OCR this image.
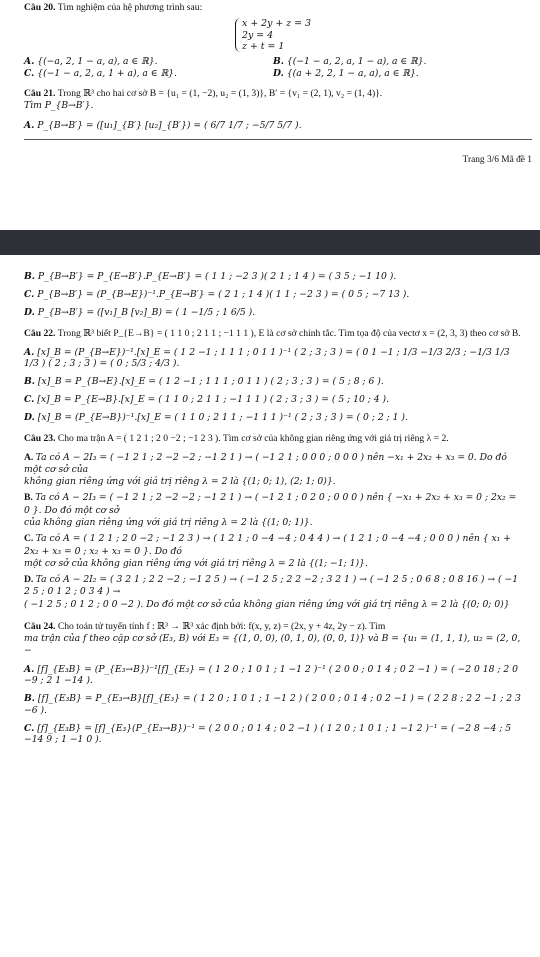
Câu 20. Tìm nghiệm của hệ phương trình sau:

x + 2y + z = 3
2y = 4
z + t = 1
A. {(−a, 2, 1 − a, a), a ∈ ℝ}.	B. {(−1 − a, 2, a, 1 − a), a ∈ ℝ}.
C. {(−1 − a, 2, a, 1 + a), a ∈ ℝ}.	D. {(a + 2, 2, 1 − a, a), a ∈ ℝ}.

Câu 21. Trong ℝ³ cho hai cơ sở B = {u₁ = (1, −2), u₂ = (1, 3)}, B′ = {v₁ = (2, 1), v₂ = (1, 4)}.

Tìm P_{B→B′}.

A. P_{B→B′} = ([u₁]_{B′} [u₂]_{B′}) = ( 6/7 1/7 ; −5/7 5/7 ).
Trang 3/6 Mã đề 1
B. P_{B→B′} = P_{E→B′}.P_{E→B′} = ( 1 1 ; −2 3 )( 2 1 ; 1 4 ) = ( 3 5 ; −1 10 ).
C. P_{B→B′} = (P_{B→E})⁻¹.P_{E→B′} = ( 2 1 ; 1 4 )( 1 1 ; −2 3 ) = ( 0 5 ; −7 13 ).
D. P_{B→B′} = ([v₁]_B [v₂]_B) = ( 1 −1/5 ; 1 6/5 ).

Câu 22. Trong ℝ³ biết P_{E→B} = ( 1 1 0 ; 2 1 1 ; −1 1 1 ), E là cơ sở chính tắc. Tìm tọa độ của vectơ x = (2, 3, 3) theo cơ sở B.

A. [x]_B = (P_{B→E})⁻¹.[x]_E = ( 1 2 −1 ; 1 1 1 ; 0 1 1 )⁻¹ ( 2 ; 3 ; 3 ) = ( 0 1 −1 ; 1/3 −1/3 2/3 ; −1/3 1/3 1/3 ) ( 2 ; 3 ; 3 ) = ( 0 ; 5/3 ; 4/3 ).
B. [x]_B = P_{B→E}.[x]_E = ( 1 2 −1 ; 1 1 1 ; 0 1 1 ) ( 2 ; 3 ; 3 ) = ( 5 ; 8 ; 6 ).
C. [x]_B = P_{E→B}.[x]_E = ( 1 1 0 ; 2 1 1 ; −1 1 1 ) ( 2 ; 3 ; 3 ) = ( 5 ; 10 ; 4 ).
D. [x]_B = (P_{E→B})⁻¹.[x]_E = ( 1 1 0 ; 2 1 1 ; −1 1 1 )⁻¹ ( 2 ; 3 ; 3 ) = ( 0 ; 2 ; 1 ).

Câu 23. Cho ma trận A = ( 1 2 1 ; 2 0 −2 ; −1 2 3 ). Tìm cơ sở của không gian riêng ứng với giá trị riêng λ = 2.

A. Ta có A − 2I₃ = ( −1 2 1 ; 2 −2 −2 ; −1 2 1 ) → ( −1 2 1 ; 0 0 0 ; 0 0 0 ) nên −x₁ + 2x₂ + x₃ = 0. Do đó một cơ sở của
không gian riêng ứng với giá trị riêng λ = 2 là {(1; 0; 1), (2; 1; 0)}.
B. Ta có A − 2I₃ = ( −1 2 1 ; 2 −2 −2 ; −1 2 1 ) → ( −1 2 1 ; 0 2 0 ; 0 0 0 ) nên { −x₁ + 2x₂ + x₃ = 0 ; 2x₂ = 0 }. Do đó một cơ sở
của không gian riêng ứng với giá trị riêng λ = 2 là {(1; 0; 1)}.
C. Ta có A = ( 1 2 1 ; 2 0 −2 ; −1 2 3 ) → ( 1 2 1 ; 0 −4 −4 ; 0 4 4 ) → ( 1 2 1 ; 0 −4 −4 ; 0 0 0 ) nên { x₁ + 2x₂ + x₃ = 0 ; x₂ + x₃ = 0 }. Do đó
một cơ sở của không gian riêng ứng với giá trị riêng λ = 2 là {(1; −1; 1)}.
D. Ta có A − 2I₂ = ( 3 2 1 ; 2 2 −2 ; −1 2 5 ) → ( −1 2 5 ; 2 2 −2 ; 3 2 1 ) → ( −1 2 5 ; 0 6 8 ; 0 8 16 ) → ( −1 2 5 ; 0 1 2 ; 0 3 4 ) →
( −1 2 5 ; 0 1 2 ; 0 0 −2 ). Do đó một cơ sở của không gian riêng ứng với giá trị riêng λ = 2 là {(0; 0; 0)}

Câu 24. Cho toán tử tuyến tính f : ℝ³ → ℝ³ xác định bởi: f(x, y, z) = (2x, y + 4z, 2y − z). Tìm
ma trận của f theo cặp cơ sở (E₃, B) với E₃ = {(1, 0, 0), (0, 1, 0), (0, 0, 1)} và B = {u₁ = (1, 1, 1), u₂ = (2, 0, −

A. [f]_{E₃B} = (P_{E₃→B})⁻¹[f]_{E₃} = ( 1 2 0 ; 1 0 1 ; 1 −1 2 )⁻¹ ( 2 0 0 ; 0 1 4 ; 0 2 −1 ) = ( −2 0 18 ; 2 0 −9 ; 2 1 −14 ).
B. [f]_{E₃B} = P_{E₃→B}[f]_{E₃} = ( 1 2 0 ; 1 0 1 ; 1 −1 2 ) ( 2 0 0 ; 0 1 4 ; 0 2 −1 ) = ( 2 2 8 ; 2 2 −1 ; 2 3 −6 ).
C. [f]_{E₃B} = [f]_{E₃}(P_{E₃→B})⁻¹ = ( 2 0 0 ; 0 1 4 ; 0 2 −1 ) ( 1 2 0 ; 1 0 1 ; 1 −1 2 )⁻¹ = ( −2 8 −4 ; 5 −14 9 ; 1 −1 0 ).
